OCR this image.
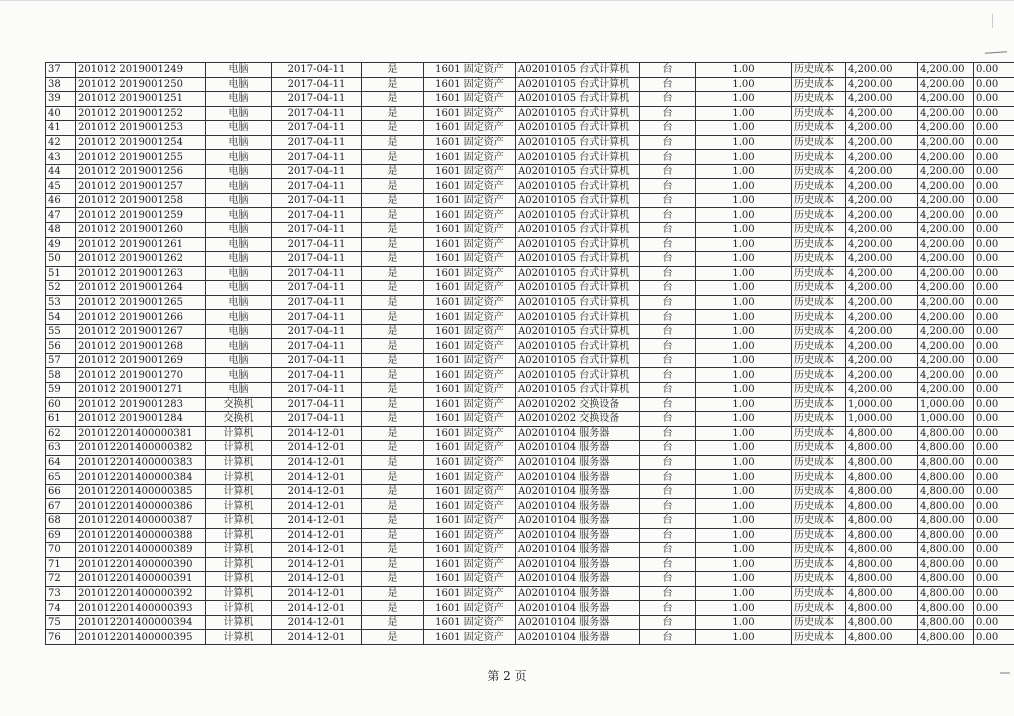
37	201012 2019001249	电脑	2017-04-11	是	1601 固定资产	A02010105 台式计算机	台	1.00	历史成本	4,200.00	4,200.00	0.00
38	201012 2019001250	电脑	2017-04-11	是	1601 固定资产	A02010105 台式计算机	台	1.00	历史成本	4,200.00	4,200.00	0.00
39	201012 2019001251	电脑	2017-04-11	是	1601 固定资产	A02010105 台式计算机	台	1.00	历史成本	4,200.00	4,200.00	0.00
40	201012 2019001252	电脑	2017-04-11	是	1601 固定资产	A02010105 台式计算机	台	1.00	历史成本	4,200.00	4,200.00	0.00
41	201012 2019001253	电脑	2017-04-11	是	1601 固定资产	A02010105 台式计算机	台	1.00	历史成本	4,200.00	4,200.00	0.00
42	201012 2019001254	电脑	2017-04-11	是	1601 固定资产	A02010105 台式计算机	台	1.00	历史成本	4,200.00	4,200.00	0.00
43	201012 2019001255	电脑	2017-04-11	是	1601 固定资产	A02010105 台式计算机	台	1.00	历史成本	4,200.00	4,200.00	0.00
44	201012 2019001256	电脑	2017-04-11	是	1601 固定资产	A02010105 台式计算机	台	1.00	历史成本	4,200.00	4,200.00	0.00
45	201012 2019001257	电脑	2017-04-11	是	1601 固定资产	A02010105 台式计算机	台	1.00	历史成本	4,200.00	4,200.00	0.00
46	201012 2019001258	电脑	2017-04-11	是	1601 固定资产	A02010105 台式计算机	台	1.00	历史成本	4,200.00	4,200.00	0.00
47	201012 2019001259	电脑	2017-04-11	是	1601 固定资产	A02010105 台式计算机	台	1.00	历史成本	4,200.00	4,200.00	0.00
48	201012 2019001260	电脑	2017-04-11	是	1601 固定资产	A02010105 台式计算机	台	1.00	历史成本	4,200.00	4,200.00	0.00
49	201012 2019001261	电脑	2017-04-11	是	1601 固定资产	A02010105 台式计算机	台	1.00	历史成本	4,200.00	4,200.00	0.00
50	201012 2019001262	电脑	2017-04-11	是	1601 固定资产	A02010105 台式计算机	台	1.00	历史成本	4,200.00	4,200.00	0.00
51	201012 2019001263	电脑	2017-04-11	是	1601 固定资产	A02010105 台式计算机	台	1.00	历史成本	4,200.00	4,200.00	0.00
52	201012 2019001264	电脑	2017-04-11	是	1601 固定资产	A02010105 台式计算机	台	1.00	历史成本	4,200.00	4,200.00	0.00
53	201012 2019001265	电脑	2017-04-11	是	1601 固定资产	A02010105 台式计算机	台	1.00	历史成本	4,200.00	4,200.00	0.00
54	201012 2019001266	电脑	2017-04-11	是	1601 固定资产	A02010105 台式计算机	台	1.00	历史成本	4,200.00	4,200.00	0.00
55	201012 2019001267	电脑	2017-04-11	是	1601 固定资产	A02010105 台式计算机	台	1.00	历史成本	4,200.00	4,200.00	0.00
56	201012 2019001268	电脑	2017-04-11	是	1601 固定资产	A02010105 台式计算机	台	1.00	历史成本	4,200.00	4,200.00	0.00
57	201012 2019001269	电脑	2017-04-11	是	1601 固定资产	A02010105 台式计算机	台	1.00	历史成本	4,200.00	4,200.00	0.00
58	201012 2019001270	电脑	2017-04-11	是	1601 固定资产	A02010105 台式计算机	台	1.00	历史成本	4,200.00	4,200.00	0.00
59	201012 2019001271	电脑	2017-04-11	是	1601 固定资产	A02010105 台式计算机	台	1.00	历史成本	4,200.00	4,200.00	0.00
60	201012 2019001283	交换机	2017-04-11	是	1601 固定资产	A02010202 交换设备	台	1.00	历史成本	1,000.00	1,000.00	0.00
61	201012 2019001284	交换机	2017-04-11	是	1601 固定资产	A02010202 交换设备	台	1.00	历史成本	1,000.00	1,000.00	0.00
62	201012201400000381	计算机	2014-12-01	是	1601 固定资产	A02010104 服务器	台	1.00	历史成本	4,800.00	4,800.00	0.00
63	201012201400000382	计算机	2014-12-01	是	1601 固定资产	A02010104 服务器	台	1.00	历史成本	4,800.00	4,800.00	0.00
64	201012201400000383	计算机	2014-12-01	是	1601 固定资产	A02010104 服务器	台	1.00	历史成本	4,800.00	4,800.00	0.00
65	201012201400000384	计算机	2014-12-01	是	1601 固定资产	A02010104 服务器	台	1.00	历史成本	4,800.00	4,800.00	0.00
66	201012201400000385	计算机	2014-12-01	是	1601 固定资产	A02010104 服务器	台	1.00	历史成本	4,800.00	4,800.00	0.00
67	201012201400000386	计算机	2014-12-01	是	1601 固定资产	A02010104 服务器	台	1.00	历史成本	4,800.00	4,800.00	0.00
68	201012201400000387	计算机	2014-12-01	是	1601 固定资产	A02010104 服务器	台	1.00	历史成本	4,800.00	4,800.00	0.00
69	201012201400000388	计算机	2014-12-01	是	1601 固定资产	A02010104 服务器	台	1.00	历史成本	4,800.00	4,800.00	0.00
70	201012201400000389	计算机	2014-12-01	是	1601 固定资产	A02010104 服务器	台	1.00	历史成本	4,800.00	4,800.00	0.00
71	201012201400000390	计算机	2014-12-01	是	1601 固定资产	A02010104 服务器	台	1.00	历史成本	4,800.00	4,800.00	0.00
72	201012201400000391	计算机	2014-12-01	是	1601 固定资产	A02010104 服务器	台	1.00	历史成本	4,800.00	4,800.00	0.00
73	201012201400000392	计算机	2014-12-01	是	1601 固定资产	A02010104 服务器	台	1.00	历史成本	4,800.00	4,800.00	0.00
74	201012201400000393	计算机	2014-12-01	是	1601 固定资产	A02010104 服务器	台	1.00	历史成本	4,800.00	4,800.00	0.00
75	201012201400000394	计算机	2014-12-01	是	1601 固定资产	A02010104 服务器	台	1.00	历史成本	4,800.00	4,800.00	0.00
76	201012201400000395	计算机	2014-12-01	是	1601 固定资产	A02010104 服务器	台	1.00	历史成本	4,800.00	4,800.00	0.00
第 2 页
